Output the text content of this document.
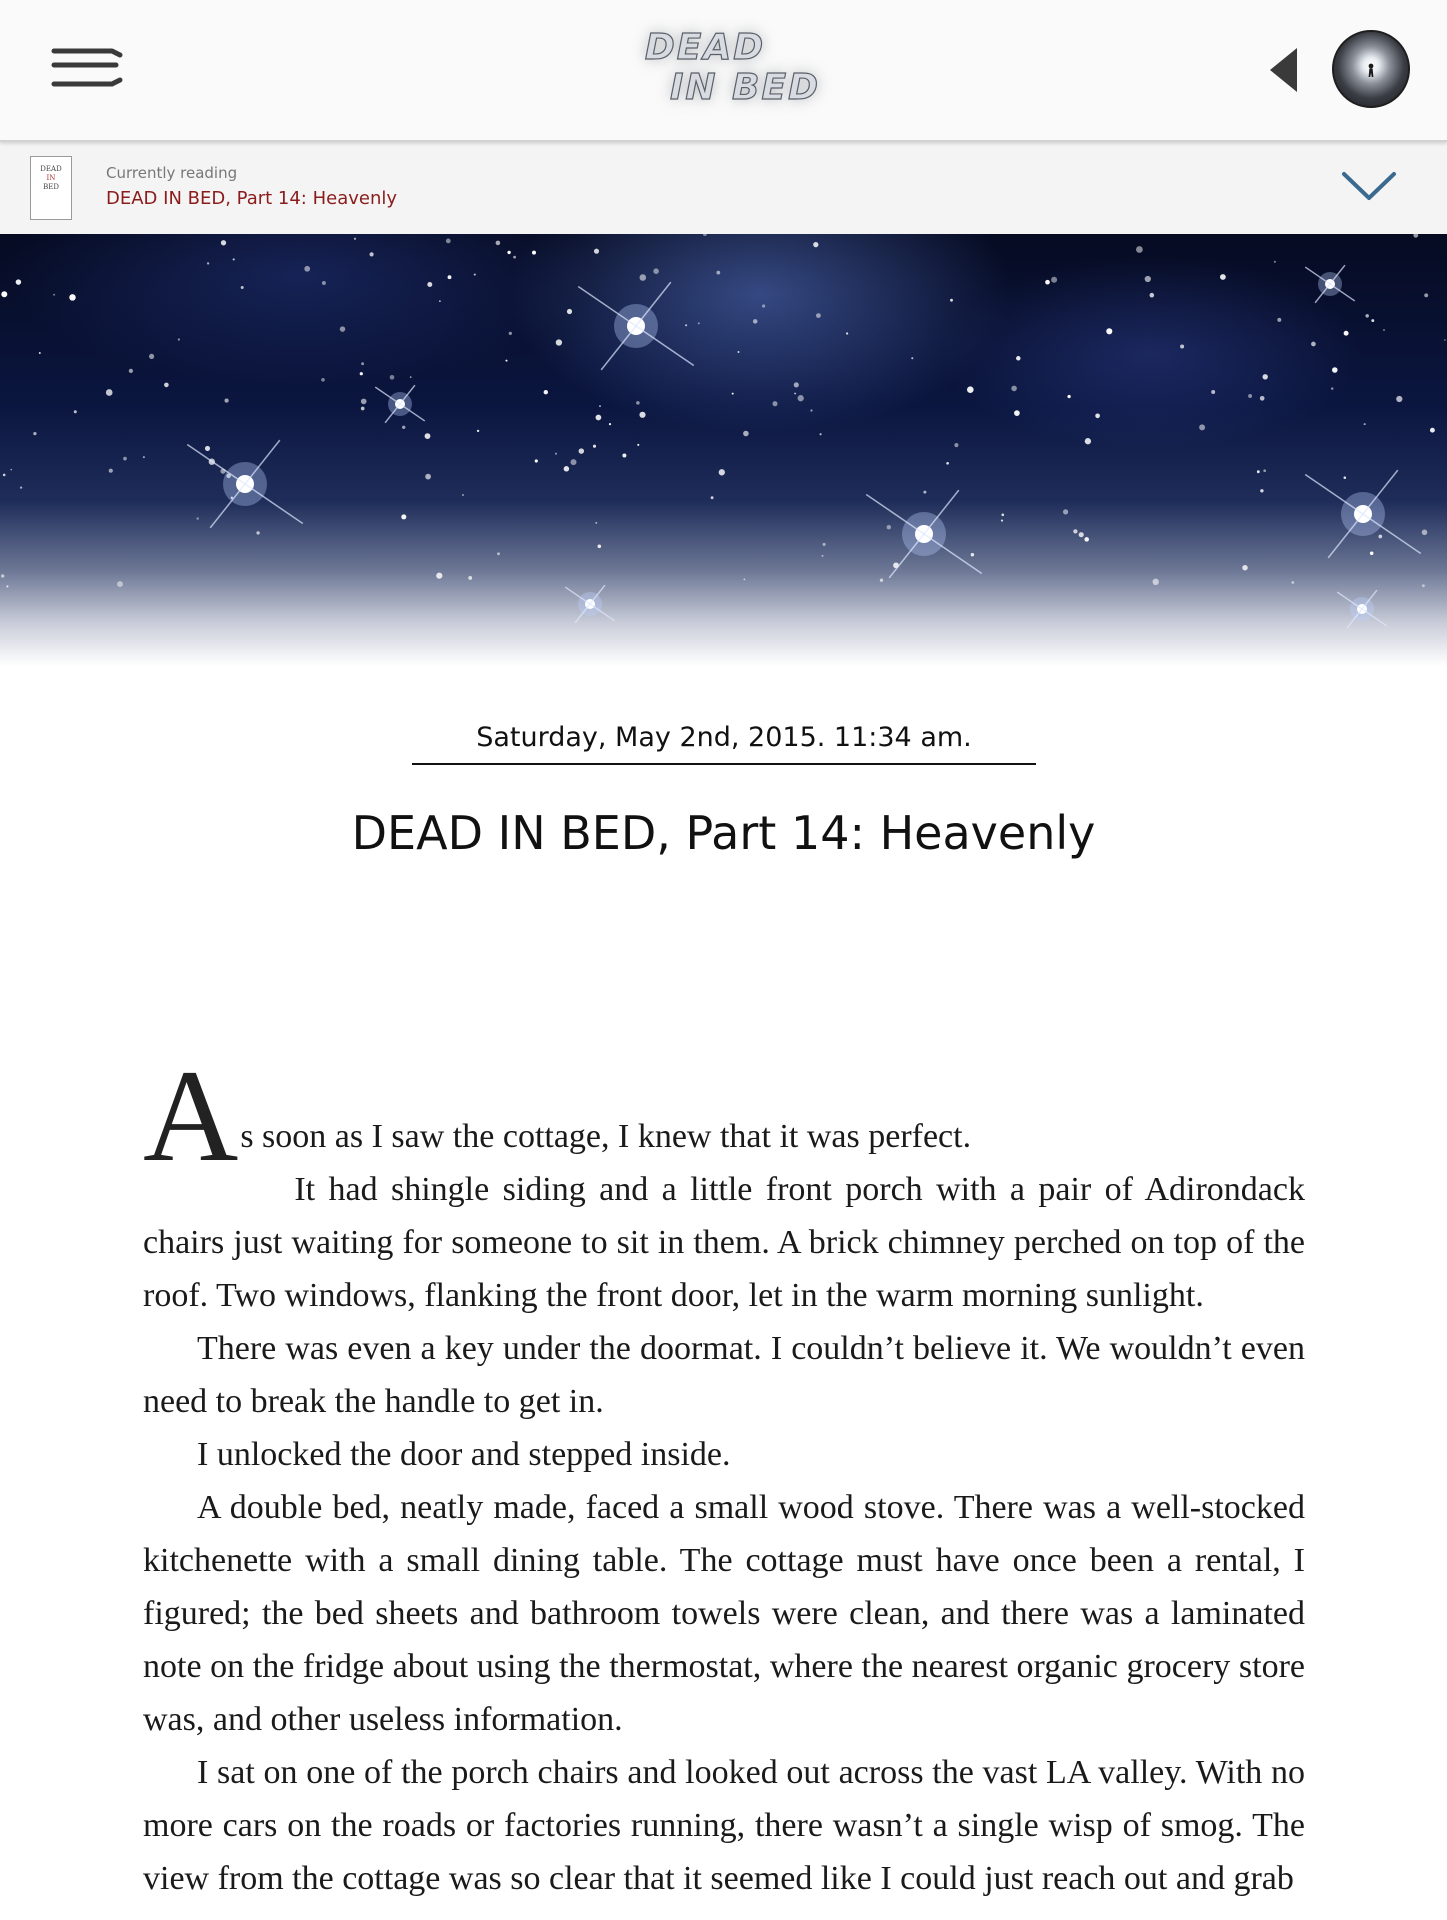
DEAD
IN BED
DEAD
IN
BED
Currently reading
DEAD IN BED, Part 14: Heavenly
Saturday, May 2nd, 2015. 11:34 am.
DEAD IN BED, Part 14: Heavenly

A s soon as I saw the cottage, I knew that it was perfect.

It had shingle siding and a little front porch with a pair of Adirondack chairs just waiting for someone to sit in them. A brick chimney perched on top of the roof. Two windows, flanking the front door, let in the warm morning sunlight.

There was even a key under the doormat. I couldn’t believe it. We wouldn’t even need to break the handle to get in.

I unlocked the door and stepped inside.

A double bed, neatly made, faced a small wood stove. There was a well-stocked kitchenette with a small dining table. The cottage must have once been a rental, I figured; the bed sheets and bathroom towels were clean, and there was a laminated note on the fridge about using the thermostat, where the nearest organic grocery store was, and other useless information.

I sat on one of the porch chairs and looked out across the vast LA valley. With no more cars on the roads or factories running, there wasn’t a single wisp of smog. The view from the cottage was so clear that it seemed like I could just reach out and grab
